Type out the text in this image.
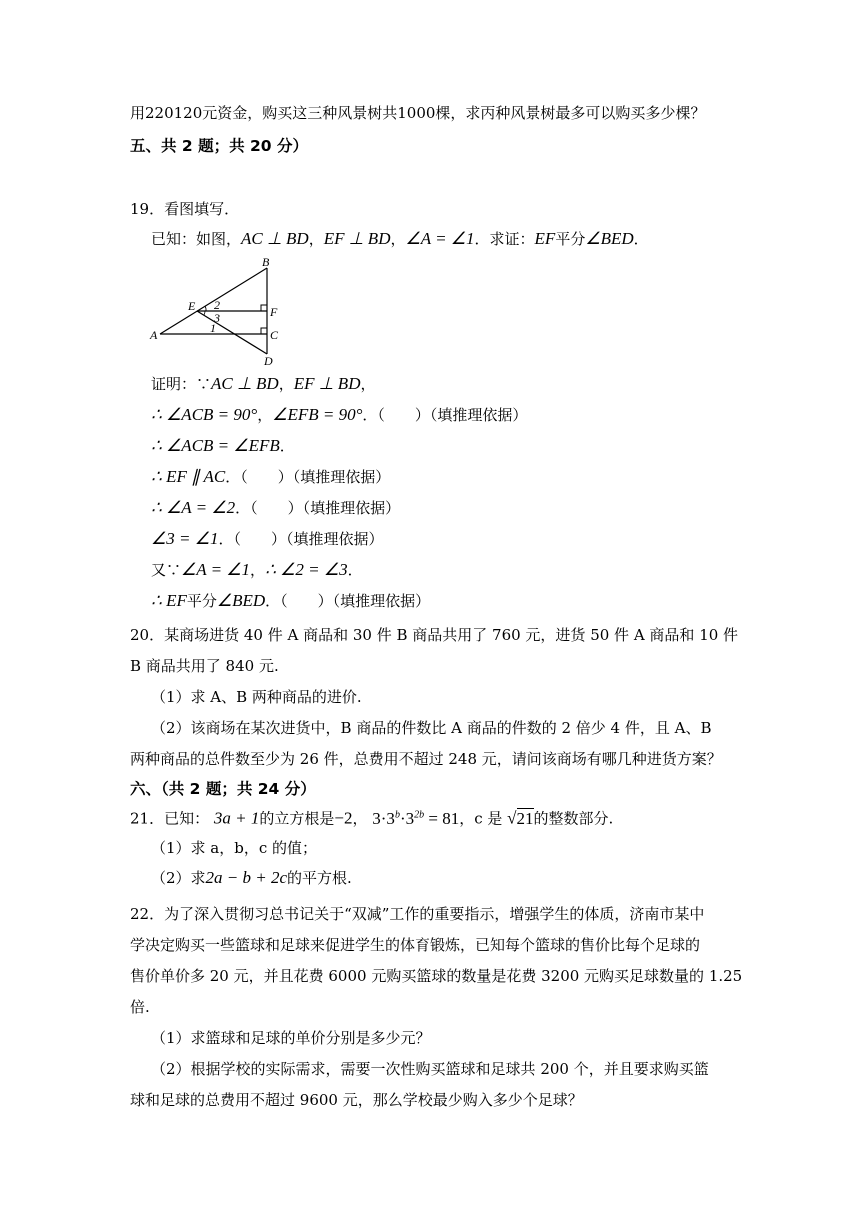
用220120元资金，购买这三种风景树共1000棵，求丙种风景树最多可以购买多少棵？
五、共 2 题；共 20 分）
19．看图填写．
已知：如图，AC ⊥ BD，EF ⊥ BD，∠A = ∠1．求证：EF平分∠BED．
B
E 2
3	F
A	1	C
D
证明：∵AC ⊥ BD，EF ⊥ BD，
∴ ∠ACB = 90°，∠EFB = 90°．（　　）（填推理依据）
∴ ∠ACB = ∠EFB．
∴ EF ∥ AC．（　　）（填推理依据）
∴ ∠A = ∠2．（　　）（填推理依据）
∠3 = ∠1．（　　）（填推理依据）
又∵∠A = ∠1，∴ ∠2 = ∠3．
∴ EF平分∠BED．（　　）（填推理依据）
20．某商场进货 40 件 A 商品和 30 件 B 商品共用了 760 元，进货 50 件 A 商品和 10 件
B 商品共用了 840 元.
（1）求 A、B 两种商品的进价.
（2）该商场在某次进货中，B 商品的件数比 A 商品的件数的 2 倍少 4 件，且 A、B
两种商品的总件数至少为 26 件，总费用不超过 248 元，请问该商场有哪几种进货方案？
六、（共 2 题；共 24 分）
21．已知： 3a + 1的立方根是−2， $3\cdot 3^b\cdot 3^{2b} = 81$，c 是 √21的整数部分.
（1）求 a，b，c 的值；
（2）求2a − b + 2c的平方根.
22．为了深入贯彻习总书记关于“双减”工作的重要指示，增强学生的体质，济南市某中
学决定购买一些篮球和足球来促进学生的体育锻炼，已知每个篮球的售价比每个足球的
售价单价多 20 元，并且花费 6000 元购买篮球的数量是花费 3200 元购买足球数量的 1.25
倍.
（1）求篮球和足球的单价分别是多少元？
（2）根据学校的实际需求，需要一次性购买篮球和足球共 200 个，并且要求购买篮
球和足球的总费用不超过 9600 元，那么学校最少购入多少个足球？
